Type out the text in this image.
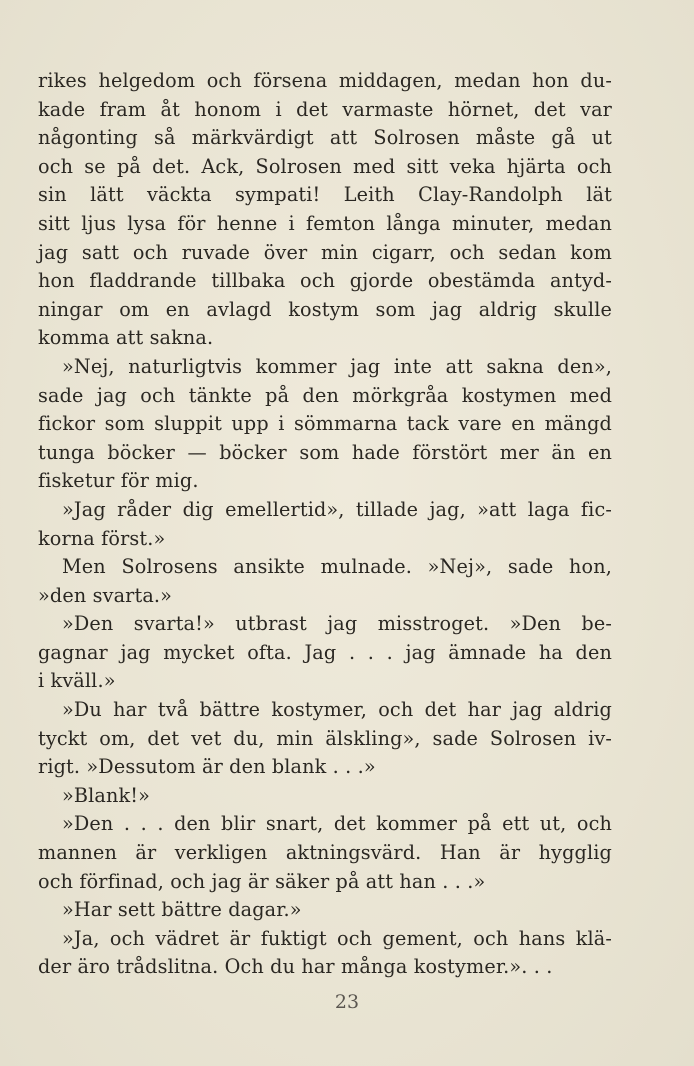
rikes helgedom och försena middagen, medan hon du-
kade fram åt honom i det varmaste hörnet, det var
någonting så märkvärdigt att Solrosen måste gå ut
och se på det. Ack, Solrosen med sitt veka hjärta och
sin lätt väckta sympati! Leith Clay-Randolph lät
sitt ljus lysa för henne i femton långa minuter, medan
jag satt och ruvade över min cigarr, och sedan kom
hon fladdrande tillbaka och gjorde obestämda antyd-
ningar om en avlagd kostym som jag aldrig skulle
komma att sakna.
»Nej, naturligtvis kommer jag inte att sakna den»,
sade jag och tänkte på den mörkgråa kostymen med
fickor som sluppit upp i sömmarna tack vare en mängd
tunga böcker — böcker som hade förstört mer än en
fisketur för mig.
»Jag råder dig emellertid», tillade jag, »att laga fic-
korna först.»
Men Solrosens ansikte mulnade. »Nej», sade hon,
»den svarta.»
»Den svarta!» utbrast jag misstroget. »Den be-
gagnar jag mycket ofta. Jag . . . jag ämnade ha den
i kväll.»
»Du har två bättre kostymer, och det har jag aldrig
tyckt om, det vet du, min älskling», sade Solrosen iv-
rigt. »Dessutom är den blank . . .»
»Blank!»
»Den . . . den blir snart, det kommer på ett ut, och
mannen är verkligen aktningsvärd. Han är hygglig
och förfinad, och jag är säker på att han . . .»
»Har sett bättre dagar.»
»Ja, och vädret är fuktigt och gement, och hans klä-
der äro trådslitna. Och du har många kostymer.». . .
23
